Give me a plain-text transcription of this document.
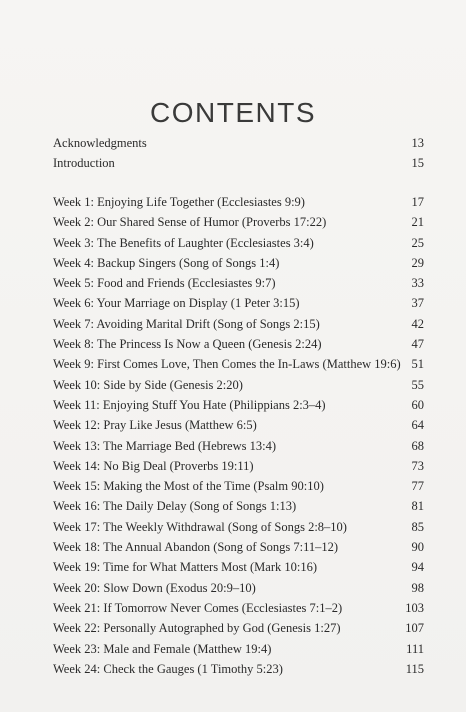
CONTENTS
Acknowledgments	13
Introduction	15
Week 1: Enjoying Life Together (Ecclesiastes 9:9)	17
Week 2: Our Shared Sense of Humor (Proverbs 17:22)	21
Week 3: The Benefits of Laughter (Ecclesiastes 3:4)	25
Week 4: Backup Singers (Song of Songs 1:4)	29
Week 5: Food and Friends (Ecclesiastes 9:7)	33
Week 6: Your Marriage on Display (1 Peter 3:15)	37
Week 7: Avoiding Marital Drift (Song of Songs 2:15)	42
Week 8: The Princess Is Now a Queen (Genesis 2:24)	47
Week 9: First Comes Love, Then Comes the In-Laws (Matthew 19:6) 51
Week 10: Side by Side (Genesis 2:20)	55
Week 11: Enjoying Stuff You Hate (Philippians 2:3–4)	60
Week 12: Pray Like Jesus (Matthew 6:5)	64
Week 13: The Marriage Bed (Hebrews 13:4)	68
Week 14: No Big Deal (Proverbs 19:11)	73
Week 15: Making the Most of the Time (Psalm 90:10)	77
Week 16: The Daily Delay (Song of Songs 1:13)	81
Week 17: The Weekly Withdrawal (Song of Songs 2:8–10)	85
Week 18: The Annual Abandon (Song of Songs 7:11–12)	90
Week 19: Time for What Matters Most (Mark 10:16)	94
Week 20: Slow Down (Exodus 20:9–10)	98
Week 21: If Tomorrow Never Comes (Ecclesiastes 7:1–2)	103
Week 22: Personally Autographed by God (Genesis 1:27)	107
Week 23: Male and Female (Matthew 19:4)	111
Week 24: Check the Gauges (1 Timothy 5:23)	115
